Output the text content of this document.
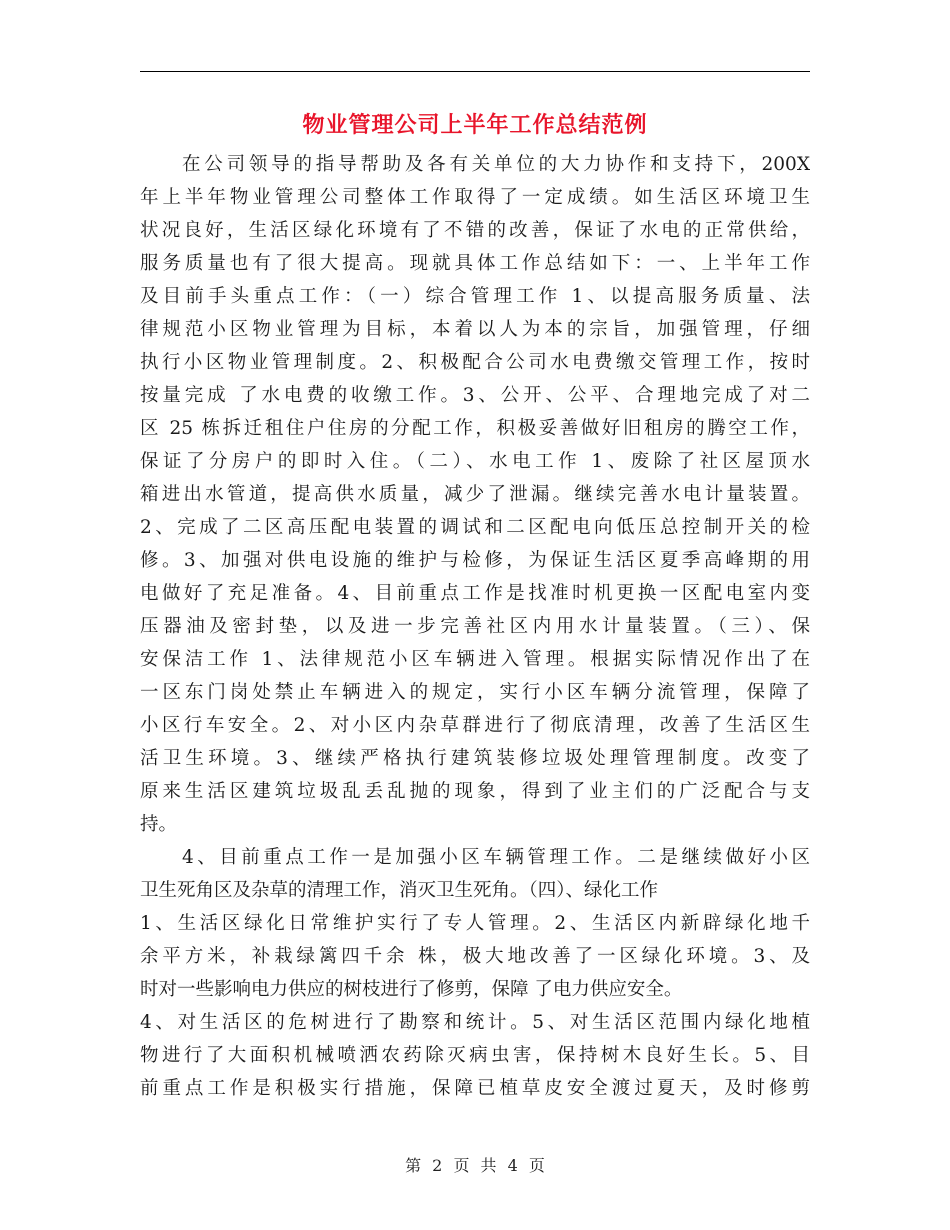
物业管理公司上半年工作总结范例
在公司领导的指导帮助及各有关单位的大力协作和支持下，200X
年上半年物业管理公司整体工作取得了一定成绩。如生活区环境卫生
状况良好，生活区绿化环境有了不错的改善，保证了水电的正常供给，
服务质量也有了很大提高。现就具体工作总结如下：一、上半年工作
及目前手头重点工作：（一）综合管理工作 1、以提高服务质量、法
律规范小区物业管理为目标，本着以人为本的宗旨，加强管理，仔细
执行小区物业管理制度。2、积极配合公司水电费缴交管理工作，按时
按量完成 了水电费的收缴工作。3、公开、公平、合理地完成了对二
区 25 栋拆迁租住户住房的分配工作，积极妥善做好旧租房的腾空工作，
保证了分房户的即时入住。（二）、水电工作 1、废除了社区屋顶水
箱进出水管道，提高供水质量，减少了泄漏。继续完善水电计量装置。
2、完成了二区高压配电装置的调试和二区配电向低压总控制开关的检
修。3、加强对供电设施的维护与检修，为保证生活区夏季高峰期的用
电做好了充足准备。4、目前重点工作是找准时机更换一区配电室内变
压器油及密封垫，以及进一步完善社区内用水计量装置。（三）、保
安保洁工作 1、法律规范小区车辆进入管理。根据实际情况作出了在
一区东门岗处禁止车辆进入的规定，实行小区车辆分流管理，保障了
小区行车安全。2、对小区内杂草群进行了彻底清理，改善了生活区生
活卫生环境。3、继续严格执行建筑装修垃圾处理管理制度。改变了
原来生活区建筑垃圾乱丢乱抛的现象，得到了业主们的广泛配合与支
持。
4、目前重点工作一是加强小区车辆管理工作。二是继续做好小区
卫生死角区及杂草的清理工作，消灭卫生死角。（四）、绿化工作
1、生活区绿化日常维护实行了专人管理。2、生活区内新辟绿化地千
余平方米，补栽绿篱四千余 株，极大地改善了一区绿化环境。3、及
时对一些影响电力供应的树枝进行了修剪，保障 了电力供应安全。
4、对生活区的危树进行了勘察和统计。5、对生活区范围内绿化地植
物进行了大面积机械喷洒农药除灭病虫害，保持树木良好生长。5、目
前重点工作是积极实行措施，保障已植草皮安全渡过夏天，及时修剪
第 2 页 共 4 页
